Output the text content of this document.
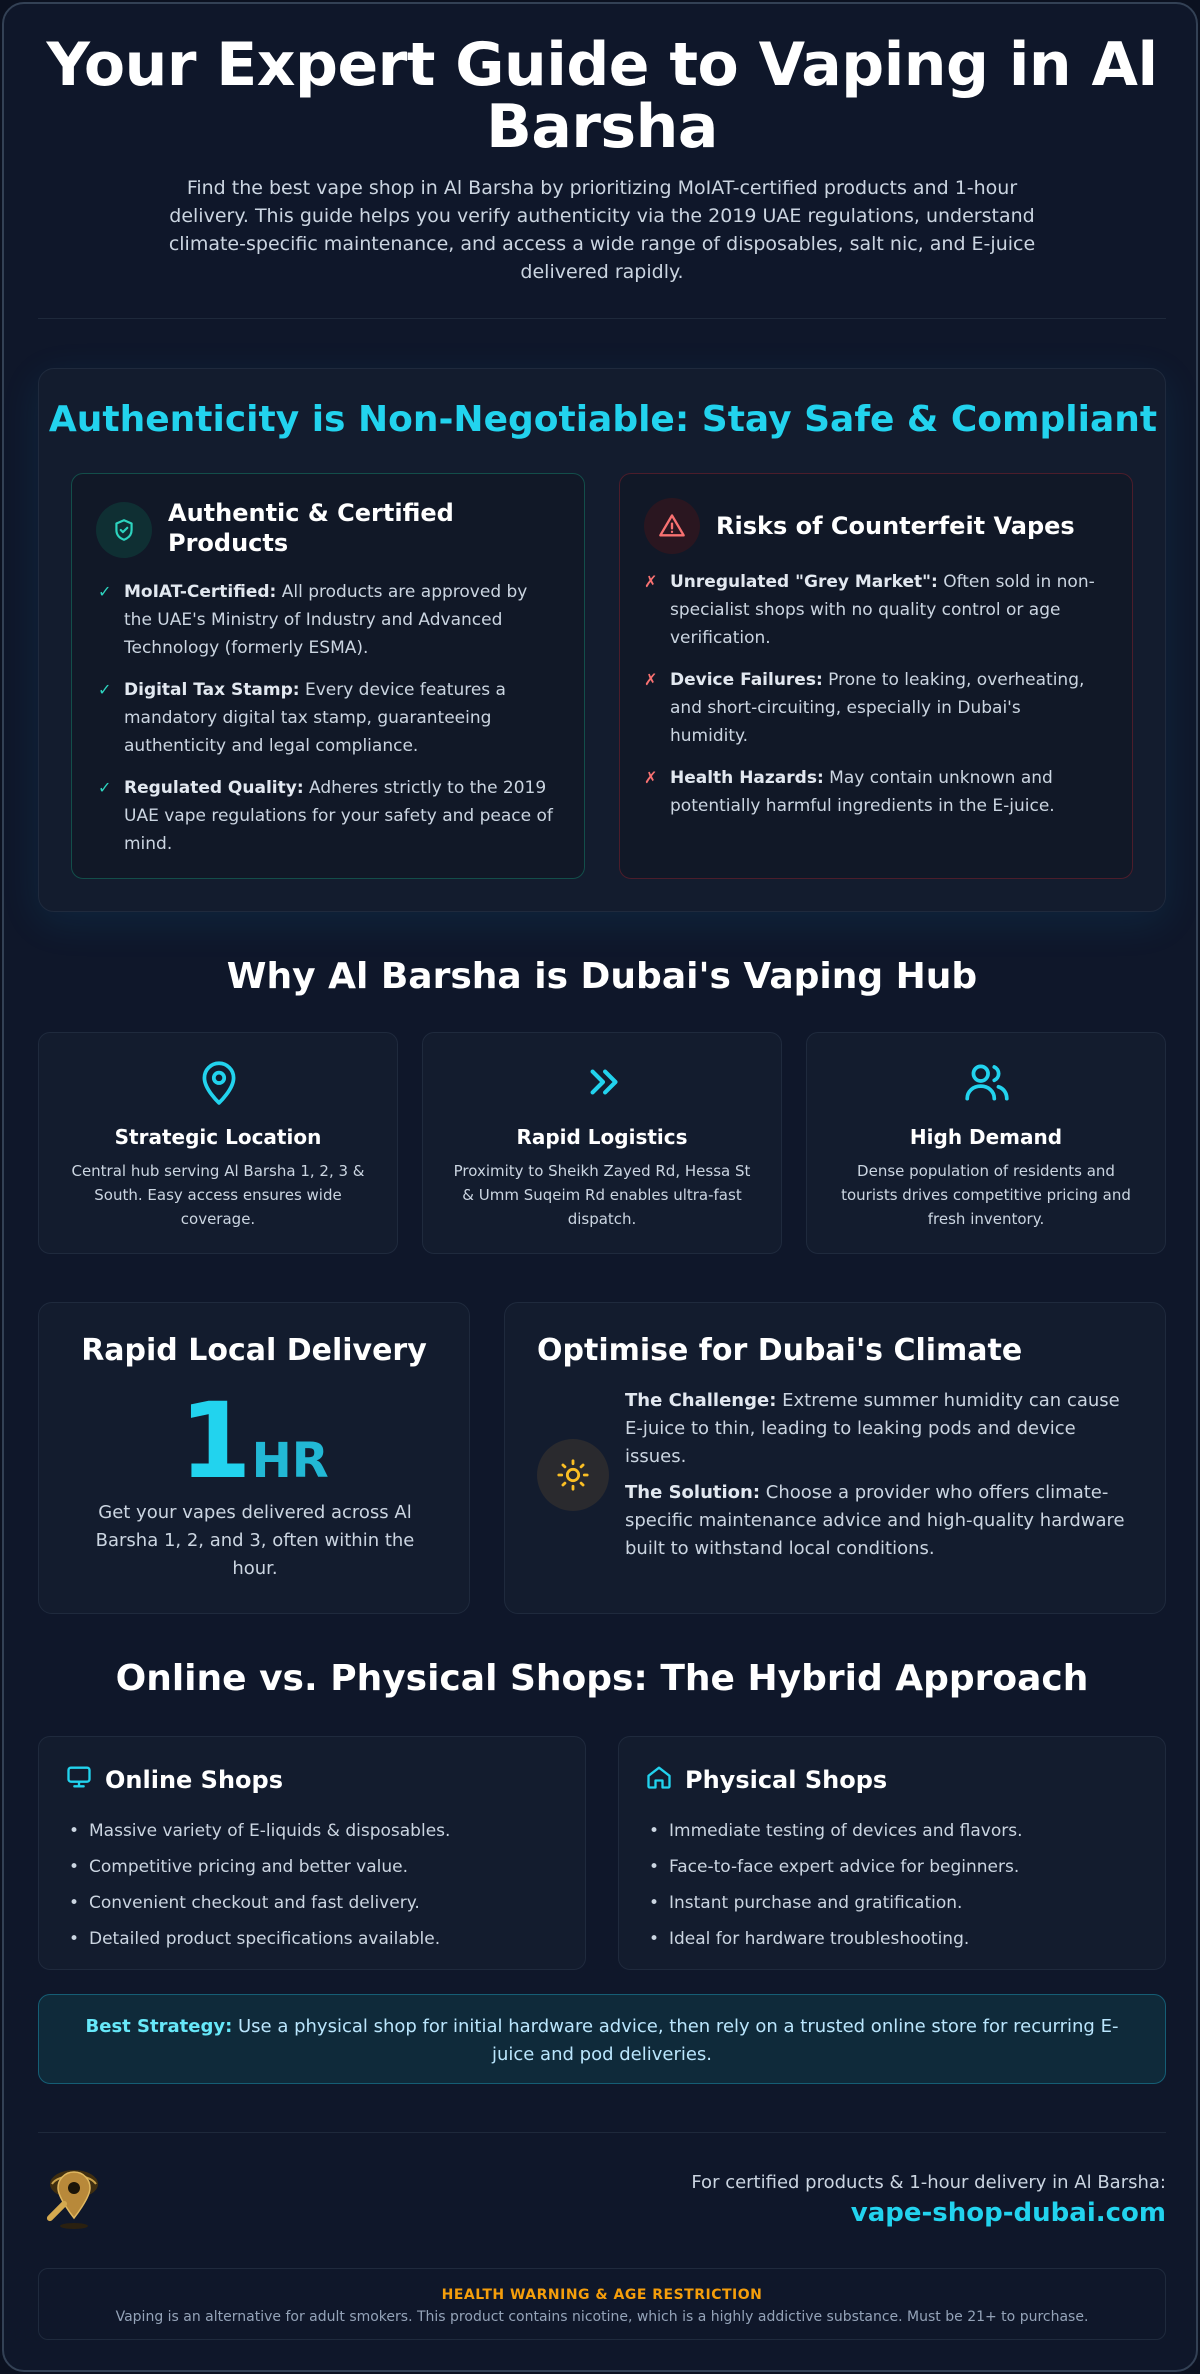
Your Expert Guide to Vaping in Al Barsha

Find the best vape shop in Al Barsha by prioritizing MoIAT-certified products and 1-hour delivery. This guide helps you verify authenticity via the 2019 UAE regulations, understand climate-specific maintenance, and access a wide range of disposables, salt nic, and E-juice delivered rapidly.

Authenticity is Non-Negotiable: Stay Safe & Compliant
Authentic & Certified Products
✓ MoIAT-Certified: All products are approved by the UAE's Ministry of Industry and Advanced Technology (formerly ESMA).
✓ Digital Tax Stamp: Every device features a mandatory digital tax stamp, guaranteeing authenticity and legal compliance.
✓ Regulated Quality: Adheres strictly to the 2019 UAE vape regulations for your safety and peace of mind.
Risks of Counterfeit Vapes
✗ Unregulated "Grey Market": Often sold in non-specialist shops with no quality control or age verification.
✗ Device Failures: Prone to leaking, overheating, and short-circuiting, especially in Dubai's humidity.
✗ Health Hazards: May contain unknown and potentially harmful ingredients in the E-juice.
Why Al Barsha is Dubai's Vaping Hub
Strategic Location
Central hub serving Al Barsha 1, 2, 3 & South. Easy access ensures wide coverage.
Rapid Logistics
Proximity to Sheikh Zayed Rd, Hessa St & Umm Suqeim Rd enables ultra-fast dispatch.
High Demand
Dense population of residents and tourists drives competitive pricing and fresh inventory.
Rapid Local Delivery
1HR
Get your vapes delivered across Al Barsha 1, 2, and 3, often within the hour.
Optimise for Dubai's Climate

The Challenge: Extreme summer humidity can cause E-juice to thin, leading to leaking pods and device issues.

The Solution: Choose a provider who offers climate-specific maintenance advice and high-quality hardware built to withstand local conditions.

Online vs. Physical Shops: The Hybrid Approach
Online Shops
• Massive variety of E-liquids & disposables.
• Competitive pricing and better value.
• Convenient checkout and fast delivery.
• Detailed product specifications available.
Physical Shops
• Immediate testing of devices and flavors.
• Face-to-face expert advice for beginners.
• Instant purchase and gratification.
• Ideal for hardware troubleshooting.
Best Strategy: Use a physical shop for initial hardware advice, then rely on a trusted online store for recurring E-juice and pod deliveries.
For certified products & 1-hour delivery in Al Barsha:
vape-shop-dubai.com
HEALTH WARNING & AGE RESTRICTION
Vaping is an alternative for adult smokers. This product contains nicotine, which is a highly addictive substance. Must be 21+ to purchase.
